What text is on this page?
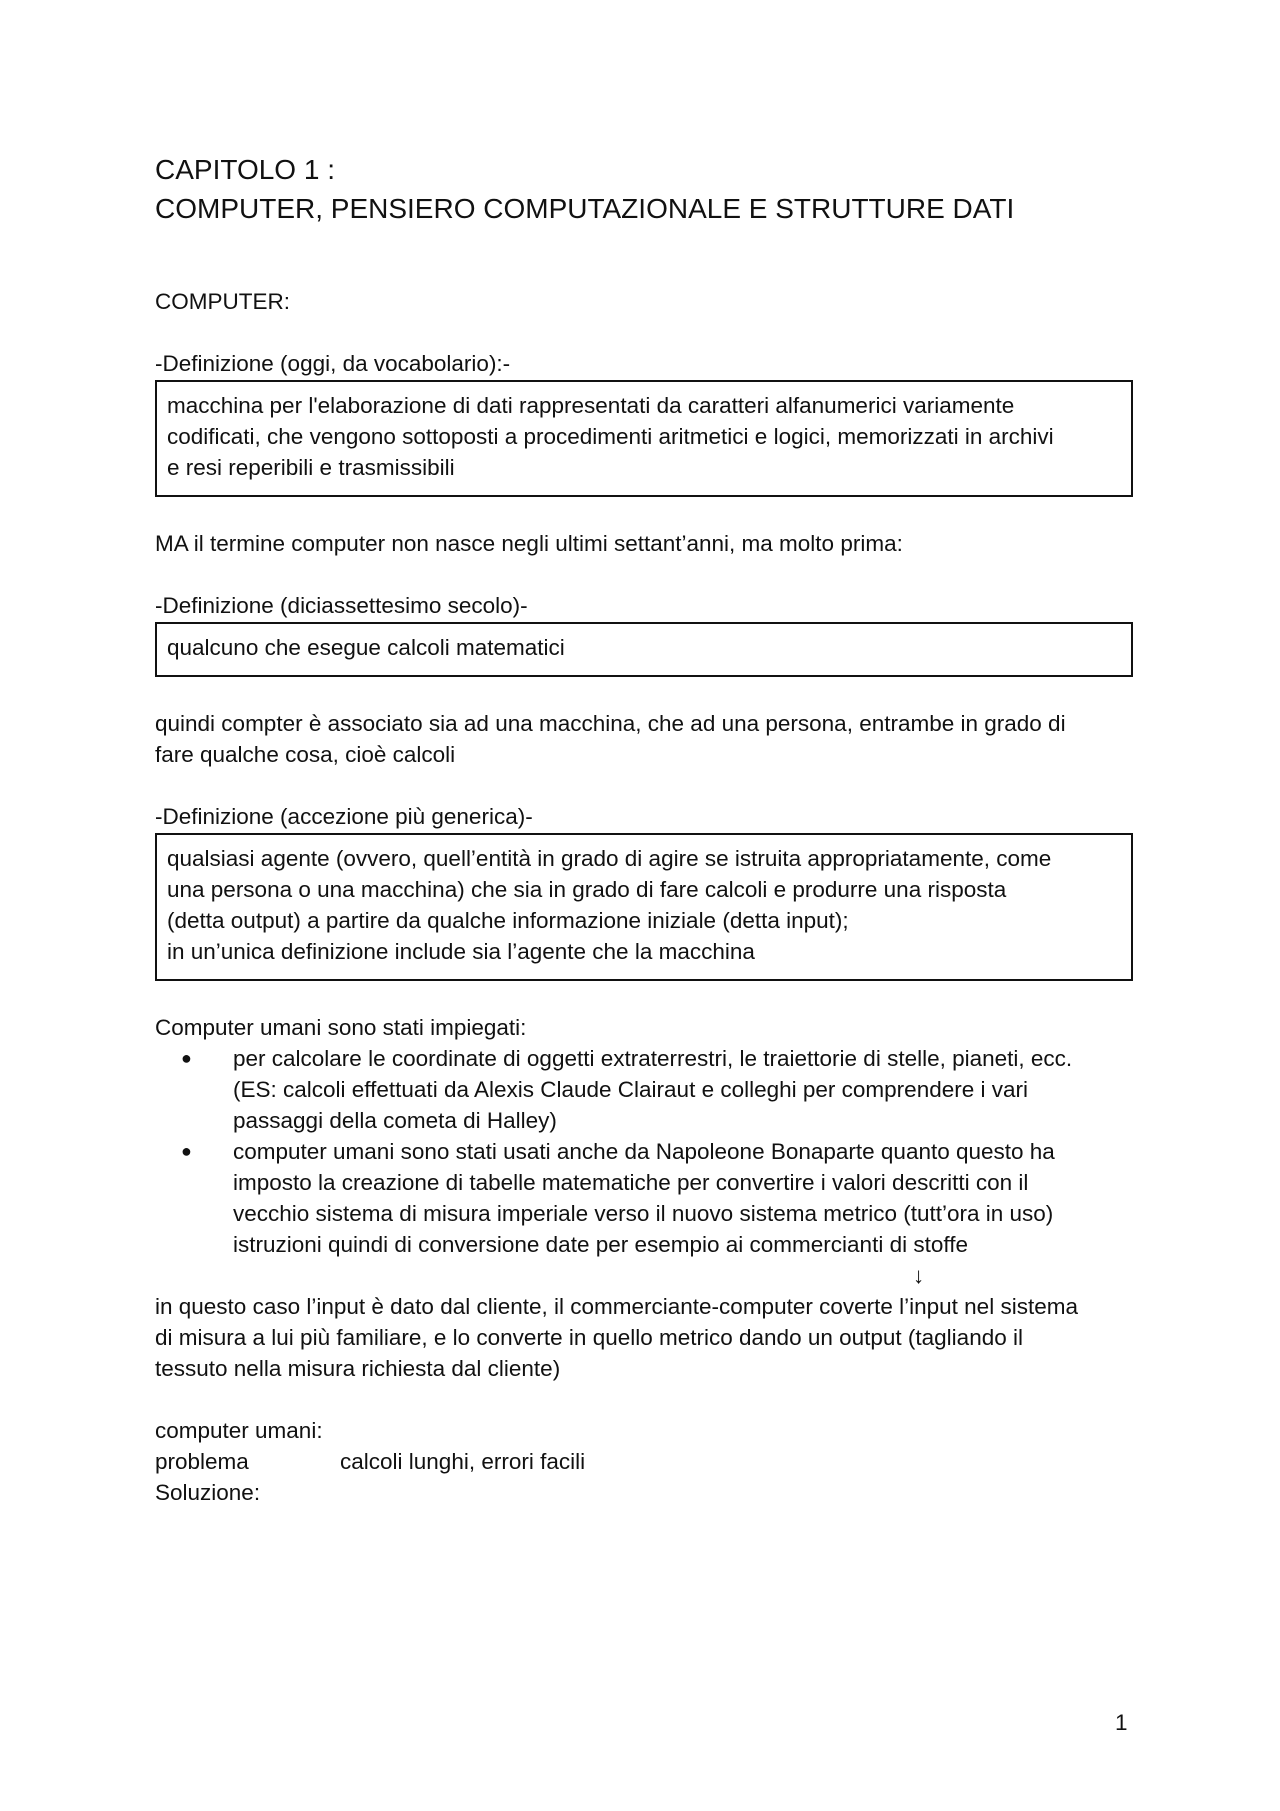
CAPITOLO 1 :
COMPUTER, PENSIERO COMPUTAZIONALE E STRUTTURE DATI

COMPUTER:

-Definizione (oggi, da vocabolario):-

macchina per l'elaborazione di dati rappresentati da caratteri alfanumerici variamente
codificati, che vengono sottoposti a procedimenti aritmetici e logici, memorizzati in archivi
e resi reperibili e trasmissibili

MA il termine computer non nasce negli ultimi settant’anni, ma molto prima:

-Definizione (diciassettesimo secolo)-

qualcuno che esegue calcoli matematici
quindi compter è associato sia ad una macchina, che ad una persona, entrambe in grado di
fare qualche cosa, cioè calcoli

-Definizione (accezione più generica)-

qualsiasi agente (ovvero, quell’entità in grado di agire se istruita appropriatamente, come
una persona o una macchina) che sia in grado di fare calcoli e produrre una risposta
(detta output) a partire da qualche informazione iniziale (detta input);
in un’unica definizione include sia l’agente che la macchina

Computer umani sono stati impiegati:

● per calcolare le coordinate di oggetti extraterrestri, le traiettorie di stelle, pianeti, ecc.
(ES: calcoli effettuati da Alexis Claude Clairaut e colleghi per comprendere i vari
passaggi della cometa di Halley)
● computer umani sono stati usati anche da Napoleone Bonaparte quanto questo ha
imposto la creazione di tabelle matematiche per convertire i valori descritti con il
vecchio sistema di misura imperiale verso il nuovo sistema metrico (tutt’ora in uso)
istruzioni quindi di conversione date per esempio ai commercianti di stoffe
↓
in questo caso l’input è dato dal cliente, il commerciante-computer coverte l’input nel sistema
di misura a lui più familiare, e lo converte in quello metrico dando un output (tagliando il
tessuto nella misura richiesta dal cliente)

computer umani:

problema	calcoli lunghi, errori facili

Soluzione:

1
